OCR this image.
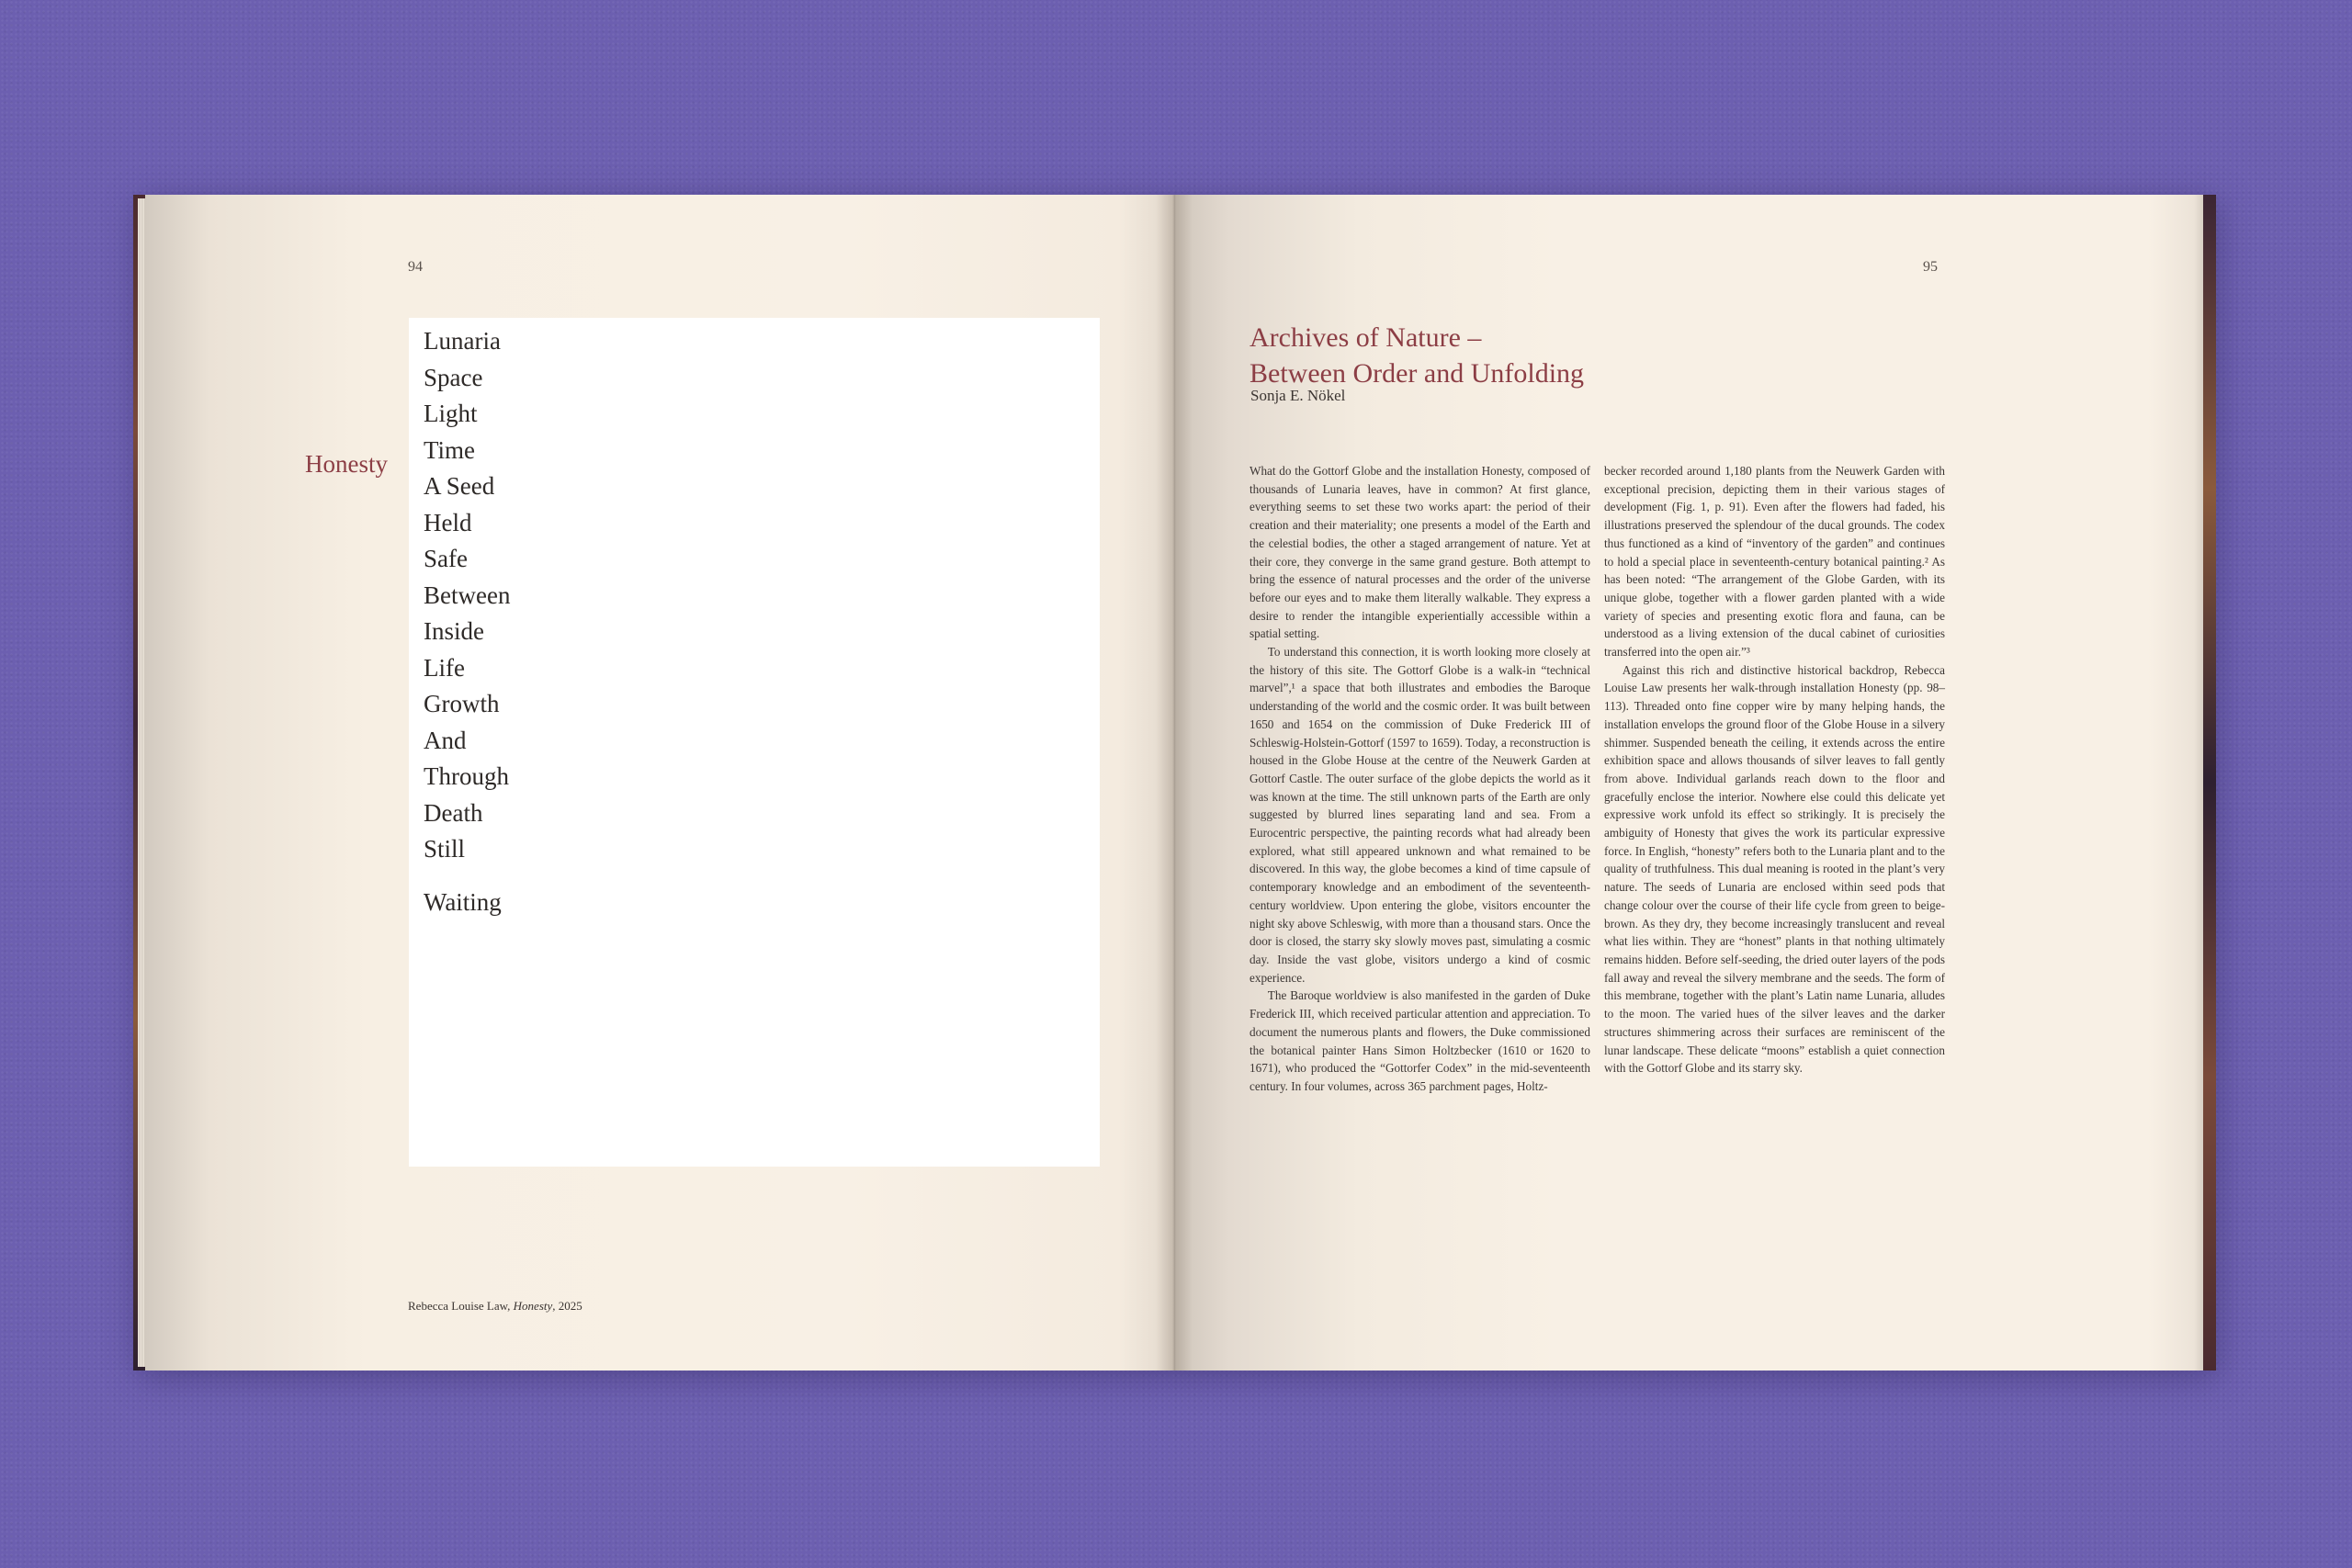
94
Honesty
Lunaria
Space
Light
Time
A Seed
Held
Safe
Between
Inside
Life
Growth
And
Through
Death
Still
Waiting
Rebecca Louise Law, Honesty, 2025
95
Archives of Nature –
Between Order and Unfolding
Sonja E. Nökel

What do the Gottorf Globe and the installation Honesty, composed of thousands of Lunaria leaves, have in common? At first glance, everything seems to set these two works apart: the period of their creation and their materiality; one presents a model of the Earth and the celestial bodies, the other a staged arrangement of nature. Yet at their core, they converge in the same grand gesture. Both attempt to bring the essence of natural processes and the order of the universe before our eyes and to make them literally walkable. They express a desire to render the intangible experientially accessible within a spatial setting.

To understand this connection, it is worth looking more closely at the history of this site. The Gottorf Globe is a walk-in “technical marvel”,¹ a space that both illustrates and embodies the Baroque understanding of the world and the cosmic order. It was built between 1650 and 1654 on the commission of Duke Frederick III of Schleswig-Holstein-Gottorf (1597 to 1659). Today, a reconstruction is housed in the Globe House at the centre of the Neuwerk Garden at Gottorf Castle. The outer surface of the globe depicts the world as it was known at the time. The still unknown parts of the Earth are only suggested by blurred lines separating land and sea. From a Eurocentric perspective, the painting records what had already been explored, what still appeared unknown and what remained to be discovered. In this way, the globe becomes a kind of time capsule of contemporary knowledge and an embodiment of the seventeenth-century worldview. Upon entering the globe, visitors encounter the night sky above Schleswig, with more than a thousand stars. Once the door is closed, the starry sky slowly moves past, simulating a cosmic day. Inside the vast globe, visitors undergo a kind of cosmic experience.

The Baroque worldview is also manifested in the garden of Duke Frederick III, which received particular attention and appreciation. To document the numerous plants and flowers, the Duke commissioned the botanical painter Hans Simon Holtzbecker (1610 or 1620 to 1671), who produced the “Gottorfer Codex” in the mid-seventeenth century. In four volumes, across 365 parchment pages, Holtz-

becker recorded around 1,180 plants from the Neuwerk Garden with exceptional precision, depicting them in their various stages of development (Fig. 1, p. 91). Even after the flowers had faded, his illustrations preserved the splendour of the ducal grounds. The codex thus functioned as a kind of “inventory of the garden” and continues to hold a special place in seventeenth-century botanical painting.² As has been noted: “The arrangement of the Globe Garden, with its unique globe, together with a flower garden planted with a wide variety of species and presenting exotic flora and fauna, can be understood as a living extension of the ducal cabinet of curiosities transferred into the open air.”³

Against this rich and distinctive historical backdrop, Rebecca Louise Law presents her walk-through installation Honesty (pp. 98–113). Threaded onto fine copper wire by many helping hands, the installation envelops the ground floor of the Globe House in a silvery shimmer. Suspended beneath the ceiling, it extends across the entire exhibition space and allows thousands of silver leaves to fall gently from above. Individual garlands reach down to the floor and gracefully enclose the interior. Nowhere else could this delicate yet expressive work unfold its effect so strikingly. It is precisely the ambiguity of Honesty that gives the work its particular expressive force. In English, “honesty” refers both to the Lunaria plant and to the quality of truthfulness. This dual meaning is rooted in the plant’s very nature. The seeds of Lunaria are enclosed within seed pods that change colour over the course of their life cycle from green to beige-brown. As they dry, they become increasingly translucent and reveal what lies within. They are “honest” plants in that nothing ultimately remains hidden. Before self-seeding, the dried outer layers of the pods fall away and reveal the silvery membrane and the seeds. The form of this membrane, together with the plant’s Latin name Lunaria, alludes to the moon. The varied hues of the silver leaves and the darker structures shimmering across their surfaces are reminiscent of the lunar landscape. These delicate “moons” establish a quiet connection with the Gottorf Globe and its starry sky.
